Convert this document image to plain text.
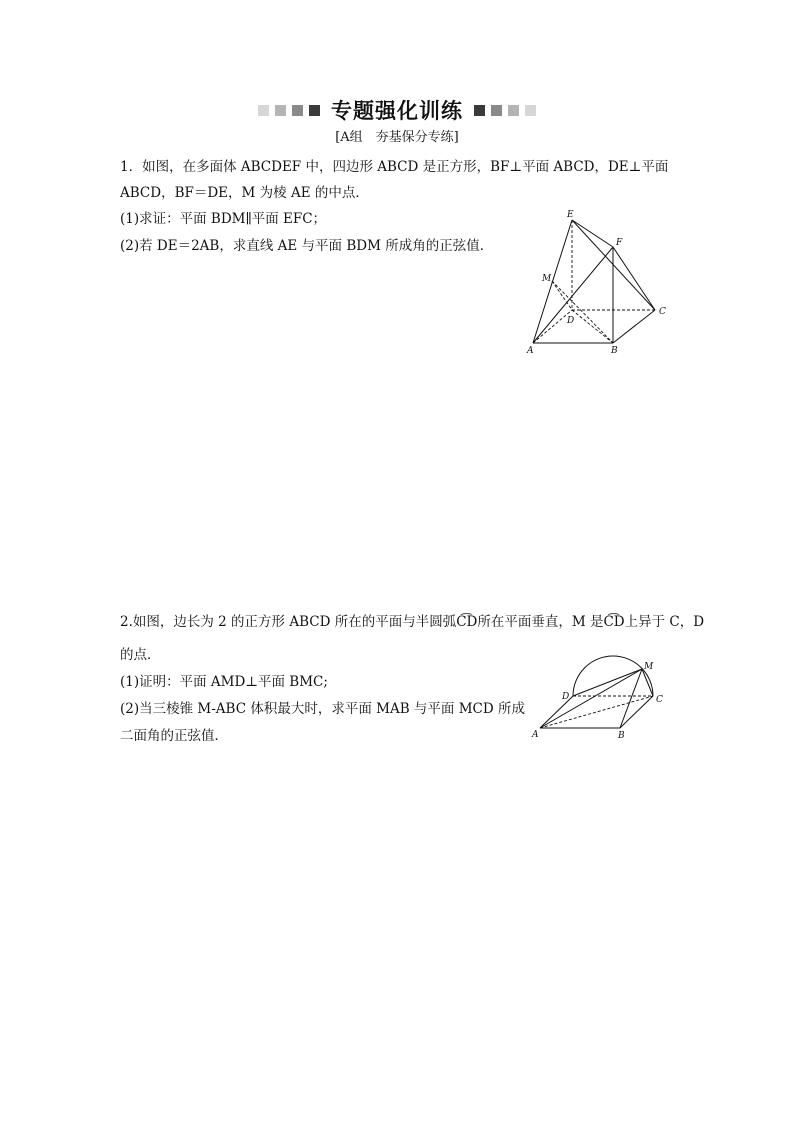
专题强化训练
[A组　夯基保分专练]
1．如图，在多面体 ABCDEF 中，四边形 ABCD 是正方形，BF⊥平面 ABCD，DE⊥平面
ABCD，BF＝DE，M 为棱 AE 的中点．
(1)求证：平面 BDM∥平面 EFC；
(2)若 DE＝2AB，求直线 AE 与平面 BDM 所成角的正弦值．
E
F
M
C
D
A	B
2.如图，边长为 2 的正方形 ABCD 所在的平面与半圆弧C͡D所在平面垂直，M 是C͡D上异于 C，D
的点．
(1)证明：平面 AMD⊥平面 BMC;
(2)当三棱锥 M-ABC 体积最大时，求平面 MAB 与平面 MCD 所成
二面角的正弦值．
M
D	C
A	B
